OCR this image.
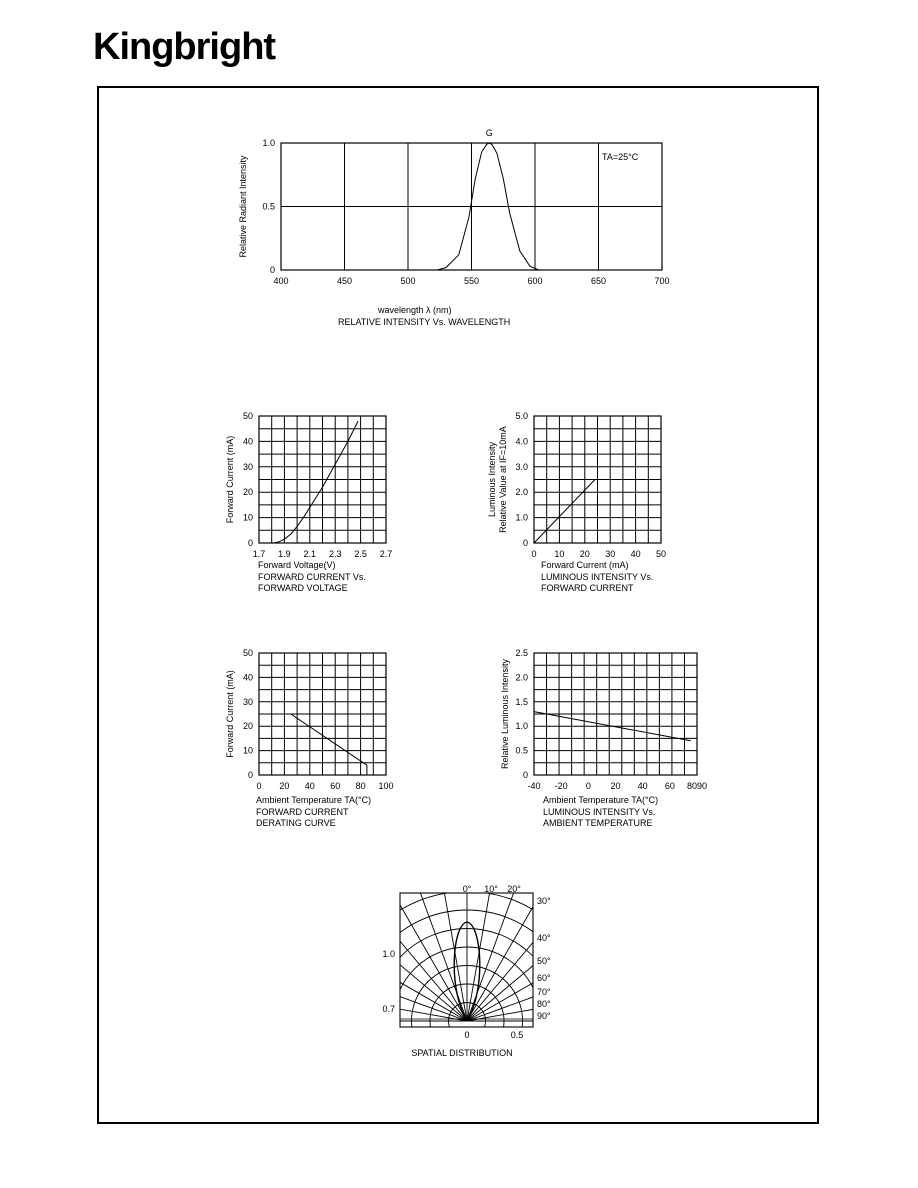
Kingbright
400	450	500	550	600	650	700
0
0.5
1.0
Relative Radiant Intensity
wavelength λ (nm)
RELATIVE INTENSITY Vs. WAVELENGTH
G
TA=25°C
1.7 1.9 2.1 2.3 2.5 2.7
0
10
20
30
40
50
Forward Current (mA)
Forward Voltage(V)
FORWARD CURRENT Vs.
FORWARD VOLTAGE
0 10 20 30 40 50
0
1.0
2.0
3.0
4.0
5.0
Luminous Intensity Relative Value at IF=10mA
Forward Current (mA)
LUMINOUS INTENSITY Vs.
FORWARD CURRENT
0 20 40 60 80 100
0
10
20
30
40
50
Forward Current (mA)
Ambient Temperature TA(°C)
FORWARD CURRENT
DERATING CURVE
-40 -20 0 20 40 60 8090
0
0.5
1.0
1.5
2.0
2.5
Relative Luminous Intensity
Ambient Temperature TA(°C)
LUMINOUS INTENSITY Vs.
AMBIENT TEMPERATURE
0° 10° 20°
30°
40°
50°
60°
70°
80°
90°
1.0
0.7
0	0.5
SPATIAL DISTRIBUTION
